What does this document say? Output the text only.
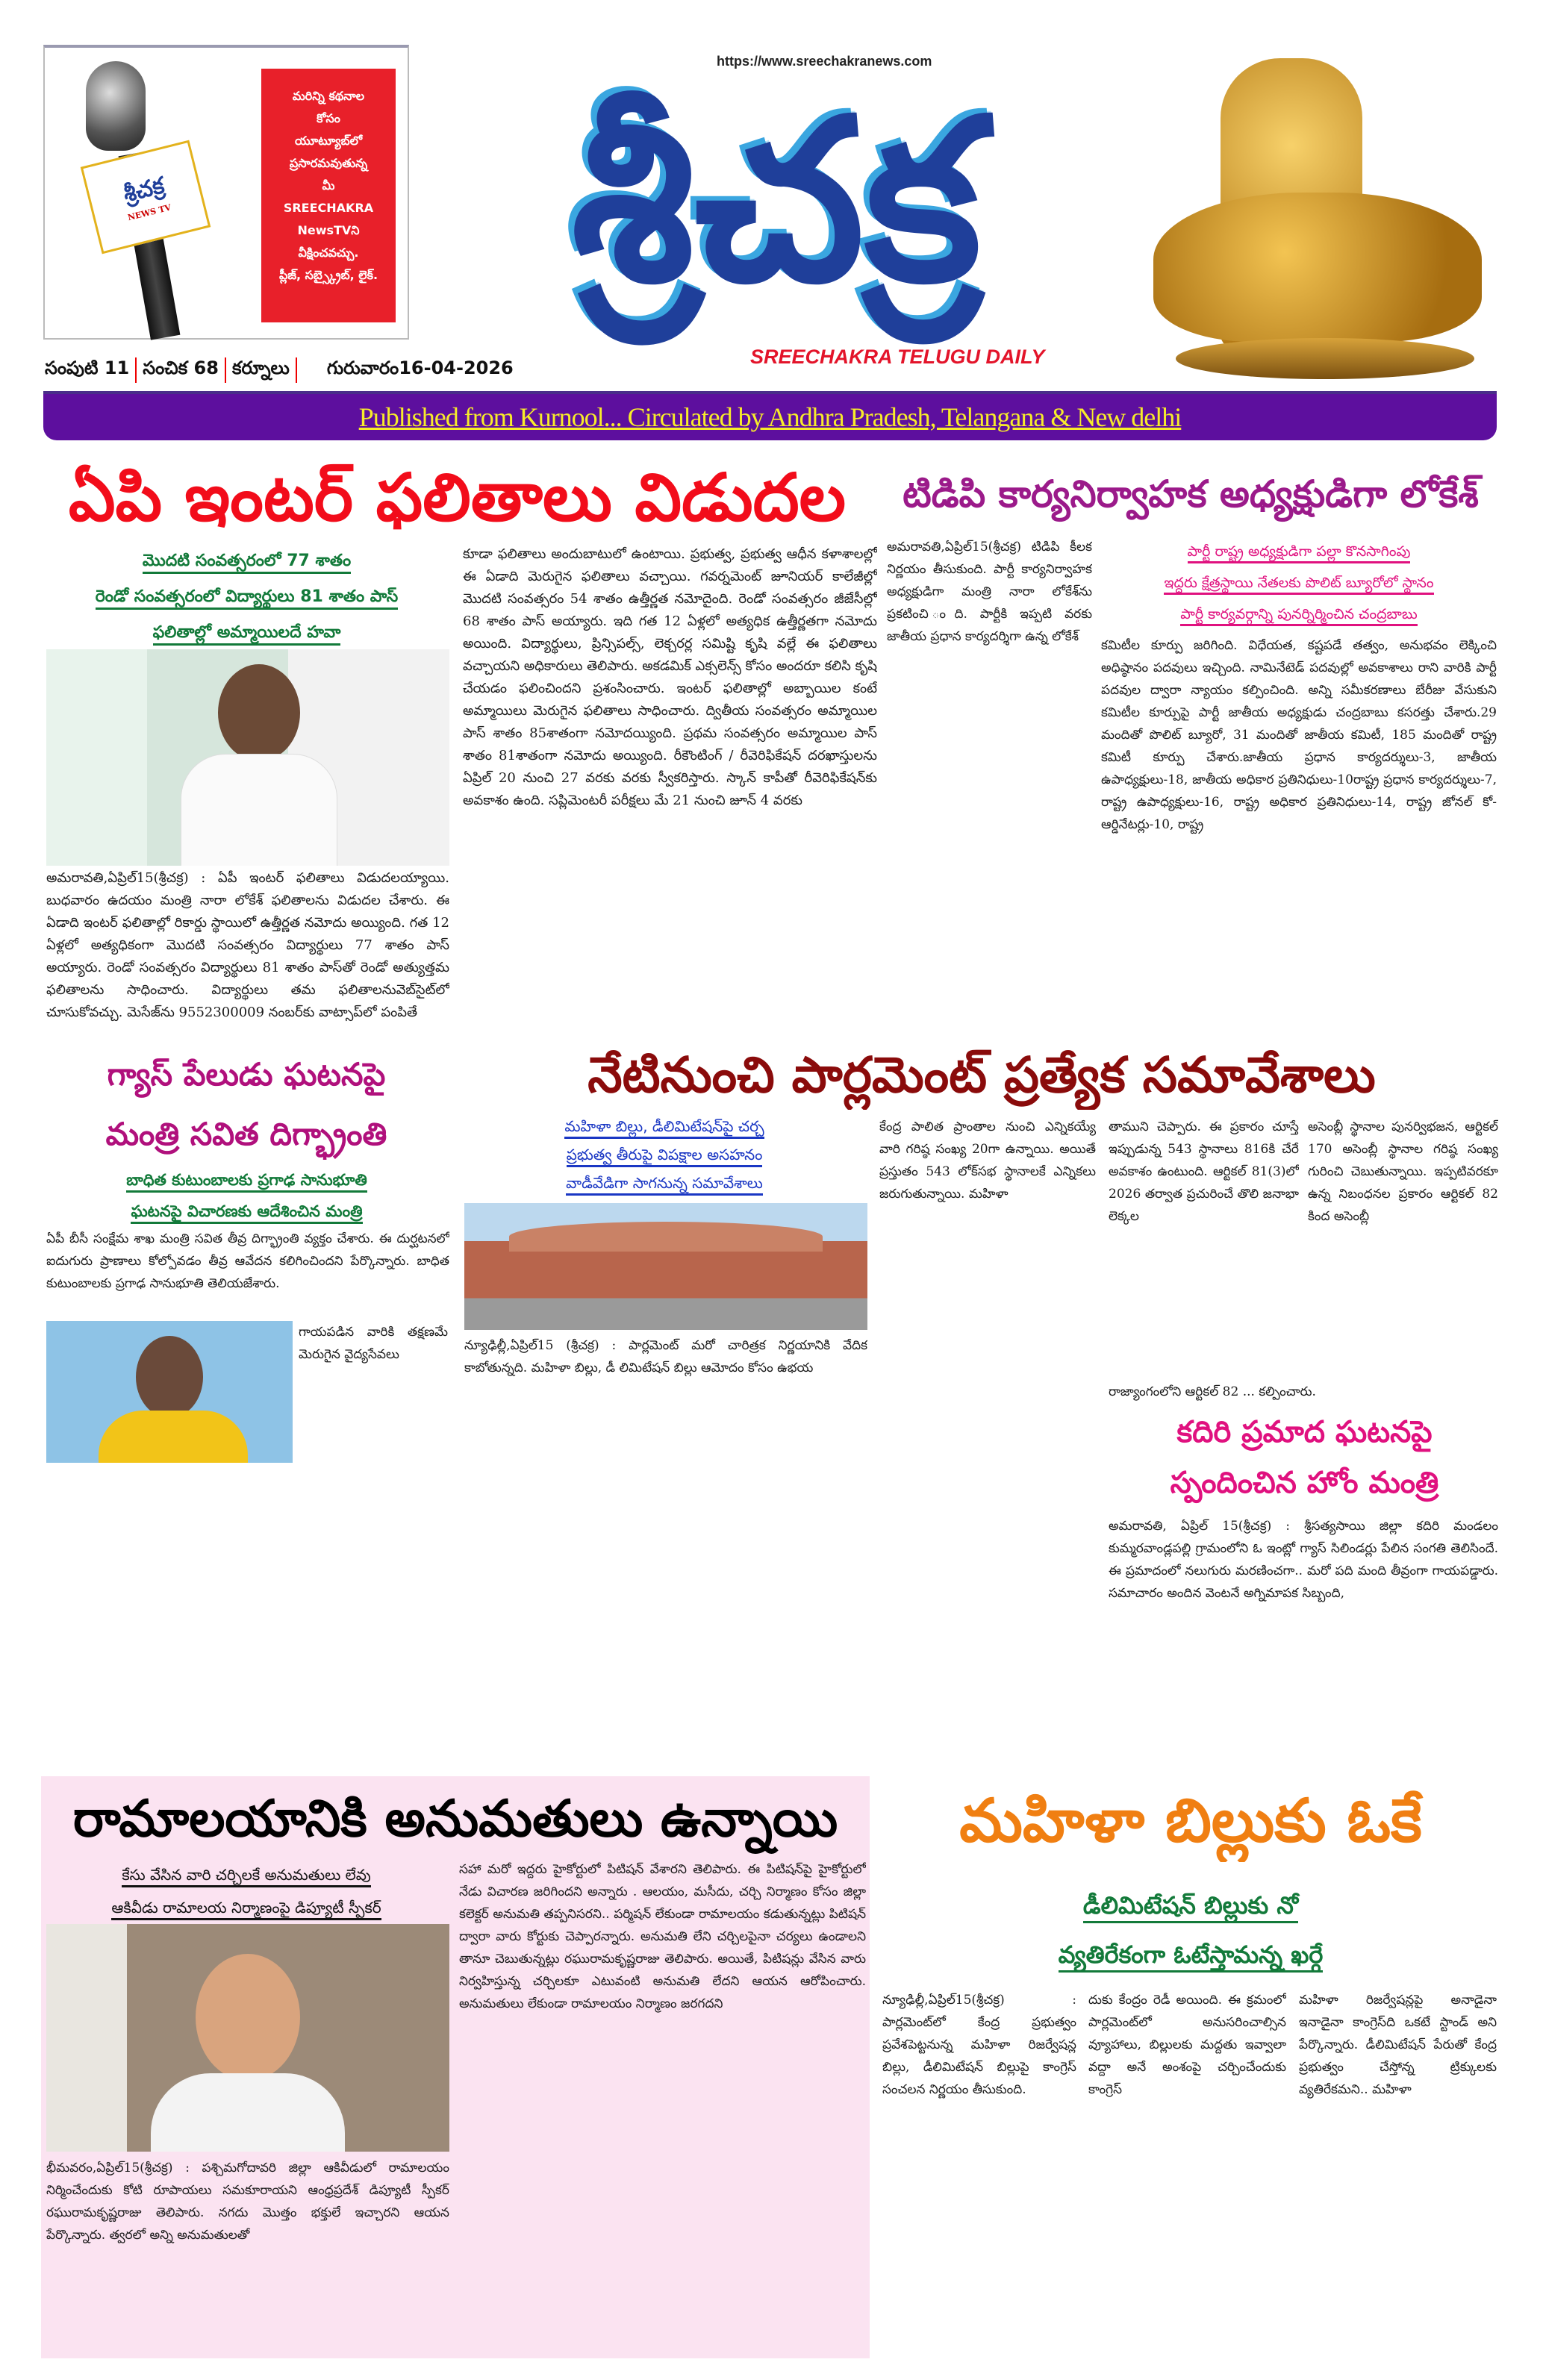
శ్రీచక్ర
NEWS TV
మరిన్ని కథనాల
కోసం
యూట్యూబ్‌లో
ప్రసారమవుతున్న
మీ
SREECHAKRA
NewsTVని
వీక్షించవచ్చు.
ప్లీజ్, సబ్స్క్రైబ్, లైక్.
https://www.sreechakranews.com
శ్రీచక్ర
SREECHAKRA TELUGU DAILY
సంపుటి 11 సంచిక 68 కర్నూలు	గురువారం16-04-2026
Published from Kurnool... Circulated by Andhra Pradesh, Telangana & New delhi
ఏపి ఇంటర్ ఫలితాలు విడుదల
మొదటి సంవత్సరంలో 77 శాతం
రెండో సంవత్సరంలో విద్యార్థులు 81 శాతం పాస్
ఫలితాల్లో అమ్మాయిలదే హవా
అమరావతి,ఏప్రిల్15(శ్రీచక్ర) : ఏపీ ఇంటర్ ఫలితాలు విడుదలయ్యాయి. బుధవారం ఉదయం మంత్రి నారా లోకేశ్ ఫలితాలను విడుదల చేశారు. ఈ ఏడాది ఇంటర్ ఫలితాల్లో రికార్డు స్థాయిలో ఉత్తీర్ణత నమోదు అయ్యింది. గత 12 ఏళ్లలో అత్యధికంగా మొదటి సంవత్సరం విద్యార్థులు 77 శాతం పాస్ అయ్యారు. రెండో సంవత్సరం విద్యార్థులు 81 శాతం పాస్‌తో రెండో అత్యుత్తమ ఫలితాలను సాధించారు. విద్యార్థులు తమ ఫలితాలనువెబ్‌సైట్‌లో చూసుకోవచ్చు. మెసేజ్‌ను 9552300009 నంబర్‌కు వాట్సాప్‌లో పంపితే
కూడా ఫలితాలు అందుబాటులో ఉంటాయి. ప్రభుత్వ, ప్రభుత్వ ఆధీన కళాశాలల్లో ఈ ఏడాది మెరుగైన ఫలితాలు వచ్చాయి. గవర్నమెంట్ జూనియర్ కాలేజీల్లో మొదటి సంవత్సరం 54 శాతం ఉత్తీర్ణత నమోదైంది. రెండో సంవత్సరం జీజేసీల్లో 68 శాతం పాస్ అయ్యారు. ఇది గత 12 ఏళ్లలో అత్యధిక ఉత్తీర్ణతగా నమోదు అయింది. విద్యార్థులు, ప్రిన్సిపల్స్, లెక్చరర్ల సమిష్టి కృషి వల్లే ఈ ఫలితాలు వచ్చాయని అధికారులు తెలిపారు. అకడమిక్ ఎక్సలెన్స్ కోసం అందరూ కలిసి కృషి చేయడం ఫలించిందని ప్రశంసించారు. ఇంటర్ ఫలితాల్లో అబ్బాయిల కంటే అమ్మాయిలు మెరుగైన ఫలితాలు సాధించారు. ద్వితీయ సంవత్సరం అమ్మాయిల పాస్ శాతం 85శాతంగా నమోదయ్యింది. ప్రథమ సంవత్సరం అమ్మాయిల పాస్ శాతం 81శాతంగా నమోదు అయ్యింది. రీకౌంటింగ్ / రీవెరిఫికేషన్ దరఖాస్తులను ఏప్రిల్ 20 నుంచి 27 వరకు వరకు స్వీకరిస్తారు. స్కాన్ కాపీతో రీవెరిఫికేషన్‌కు అవకాశం ఉంది. సప్లిమెంటరీ పరీక్షలు మే 21 నుంచి జూన్ 4 వరకు
టిడిపి కార్యనిర్వాహక అధ్యక్షుడిగా లోకేశ్
అమరావతి,ఏప్రిల్15(శ్రీచక్ర) టిడిపి కీలక నిర్ణయం తీసుకుంది. పార్టీ కార్యనిర్వాహక అధ్యక్షుడిగా మంత్రి నారా లోకేశ్‌ను ప్రకటించి ంది. పార్టీకి ఇప్పటి వరకు జాతీయ ప్రధాన కార్యదర్శిగా ఉన్న లోకేశ్
పార్టీ రాష్ట్ర అధ్యక్షుడిగా పల్లా కొనసాగింపు
ఇద్దరు క్షేత్రస్థాయి నేతలకు పొలిట్ బ్యూరోలో స్థానం
పార్టీ కార్యవర్గాన్ని పునర్నిర్మించిన చంద్రబాబు
కమిటీల కూర్పు జరిగింది. విధేయత, కష్టపడే తత్వం, అనుభవం లెక్కించి అధిష్ఠానం పదవులు ఇచ్చింది. నామినేటెడ్ పదవుల్లో అవకాశాలు రాని వారికి పార్టీ పదవుల ద్వారా న్యాయం కల్పించింది. అన్ని సమీకరణాలు బేరీజు వేసుకుని కమిటీల కూర్పుపై పార్టీ జాతీయ అధ్యక్షుడు చంద్రబాబు కసరత్తు చేశారు.29 మందితో పొలిట్ బ్యూరో, 31 మందితో జాతీయ కమిటీ, 185 మందితో రాష్ట్ర కమిటీ కూర్పు చేశారు.జాతీయ ప్రధాన కార్యదర్శులు-3, జాతీయ ఉపాధ్యక్షులు-18, జాతీయ అధికార ప్రతినిధులు-10రాష్ట్ర ప్రధాన కార్యదర్శులు-7, రాష్ట్ర ఉపాధ్యక్షులు-16, రాష్ట్ర అధికార ప్రతినిధులు-14, రాష్ట్ర జోనల్ కో-ఆర్డినేటర్లు-10, రాష్ట్ర
గ్యాస్ పేలుడు ఘటనపై
మంత్రి సవిత దిగ్భ్రాంతి
బాధిత కుటుంబాలకు ప్రగాఢ సానుభూతి
ఘటనపై విచారణకు ఆదేశించిన మంత్రి
ఏపీ బీసీ సంక్షేమ శాఖ మంత్రి సవిత తీవ్ర దిగ్భ్రాంతి వ్యక్తం చేశారు. ఈ దుర్ఘటనలో ఐదుగురు ప్రాణాలు కోల్పోవడం తీవ్ర ఆవేదన కలిగించిందని పేర్కొన్నారు. బాధిత కుటుంబాలకు ప్రగాఢ సానుభూతి తెలియజేశారు.
గాయపడిన వారికి తక్షణమే మెరుగైన వైద్యసేవలు
నేటినుంచి పార్లమెంట్ ప్రత్యేక సమావేశాలు
మహిళా బిల్లు, డీలిమిటేషన్‌పై చర్చ
ప్రభుత్వ తీరుపై విపక్షాల అసహనం
వాడీవేడిగా సాగనున్న సమావేశాలు
న్యూఢిల్లీ,ఏప్రిల్15 (శ్రీచక్ర) : పార్లమెంట్ మరో చారిత్రక నిర్ణయానికి వేదిక కాబోతున్నది. మహిళా బిల్లు, డీ లిమిటేషన్ బిల్లు ఆమోదం కోసం ఉభయ
కేంద్ర పాలిత ప్రాంతాల నుంచి ఎన్నికయ్యే వారి గరిష్ఠ సంఖ్య 20గా ఉన్నాయి. అయితే ప్రస్తుతం 543 లోక్‌సభ స్థానాలకే ఎన్నికలు జరుగుతున్నాయి. మహిళా
తాముని చెప్పారు. ఈ ప్రకారం చూస్తే ఇప్పుడున్న 543 స్థానాలు 816కి చేరే అవకాశం ఉంటుంది. ఆర్టికల్ 81(3)లో 2026 తర్వాత ప్రచురించే తొలి జనాభా లెక్కల
అసెంబ్లీ స్థానాల పునర్విభజన, ఆర్టికల్ 170 అసెంబ్లీ స్థానాల గరిష్ఠ సంఖ్య గురించి చెబుతున్నాయి. ఇప్పటివరకూ ఉన్న నిబంధనల ప్రకారం ఆర్టికల్ 82 కింద అసెంబ్లీ
రాజ్యాంగంలోని ఆర్టికల్ 82 ... కల్పించారు.
కదిరి ప్రమాద ఘటనపై
స్పందించిన హోం మంత్రి
అమరావతి, ఏప్రిల్ 15(శ్రీచక్ర) : శ్రీసత్యసాయి జిల్లా కదిరి మండలం కుమ్మరవాండ్లపల్లి గ్రామంలోని ఓ ఇంట్లో గ్యాస్ సిలిండర్లు పేలిన సంగతి తెలిసిందే. ఈ ప్రమాదంలో నలుగురు మరణించగా.. మరో పది మంది తీవ్రంగా గాయపడ్డారు. సమాచారం అందిన వెంటనే అగ్నిమాపక సిబ్బంది,
రామాలయానికి అనుమతులు ఉన్నాయి
కేసు వేసిన వారి చర్చిలకే అనుమతులు లేవు
ఆకివీడు రామాలయ నిర్మాణంపై డిప్యూటీ స్పీకర్
భీమవరం,ఏప్రిల్15(శ్రీచక్ర) : పశ్చిమగోదావరి జిల్లా ఆకివీడులో రామాలయం నిర్మించేందుకు కోటి రూపాయలు సమకూరాయని ఆంధ్రప్రదేశ్ డిప్యూటీ స్పీకర్ రఘురామకృష్ణరాజు తెలిపారు. నగదు మొత్తం భక్తులే ఇచ్చారని ఆయన పేర్కొన్నారు. త్వరలో అన్ని అనుమతులతో
సహా మరో ఇద్దరు హైకోర్టులో పిటిషన్ వేశారని తెలిపారు. ఈ పిటిషన్‌పై హైకోర్టులో నేడు విచారణ జరిగిందని అన్నారు . ఆలయం, మసీదు, చర్చి నిర్మాణం కోసం జిల్లా కలెక్టర్ అనుమతి తప్పనిసరని.. పర్మిషన్ లేకుండా రామాలయం కడుతున్నట్లు పిటిషన్ ద్వారా వారు కోర్టుకు చెప్పారన్నారు. అనుమతి లేని చర్చిలపైనా చర్యలు ఉండాలని తానూ చెబుతున్నట్లు రఘురామకృష్ణరాజు తెలిపారు. అయితే, పిటిషన్లు వేసిన వారు నిర్వహిస్తున్న చర్చిలకూ ఎటువంటి అనుమతి లేదని ఆయన ఆరోపించారు. అనుమతులు లేకుండా రామాలయం నిర్మాణం జరగదని
మహిళా బిల్లుకు ఓకే
డీలిమిటేషన్ బిల్లుకు నో
వ్యతిరేకంగా ఓటేస్తామన్న ఖర్గే
న్యూఢిల్లీ,ఏప్రిల్15(శ్రీచక్ర) : పార్లమెంట్‌లో కేంద్ర ప్రభుత్వం ప్రవేశపెట్టనున్న మహిళా రిజర్వేషన్ల బిల్లు, డీలిమిటేషన్ బిల్లుపై కాంగ్రెస్ సంచలన నిర్ణయం తీసుకుంది.
దుకు కేంద్రం రెడీ అయింది. ఈ క్రమంలో పార్లమెంట్‌లో అనుసరించాల్సిన వ్యూహాలు, బిల్లులకు మద్దతు ఇవ్వాలా వద్దా అనే అంశంపై చర్చించేందుకు కాంగ్రెస్
మహిళా రిజర్వేషన్లపై అనాడైనా ఇనాడైనా కాంగ్రెస్‌ది ఒకటే స్టాండ్ అని పేర్కొన్నారు. డీలిమిటేషన్ పేరుతో కేంద్ర ప్రభుత్వం చేస్తోన్న ట్రిక్కులకు వ్యతిరేకమని.. మహిళా
